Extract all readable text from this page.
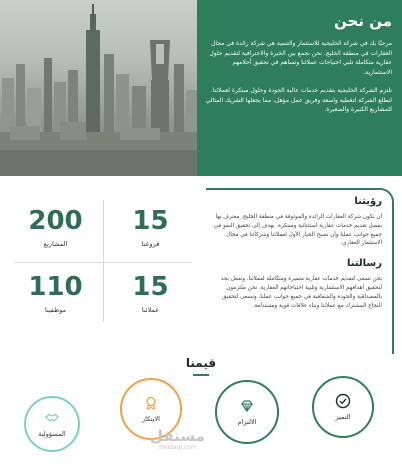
من نحن

مرحبًا بك في شركة الخليجية للاستثمار والتنمية هي شركة رائدة في مجال العقارات في منطقة الخليج. نحن نجمع بين الخبرة والاحترافية لتقديم حلول عقارية متكاملة تلبي احتياجات عملائنا وتساهم في تحقيق أحلامهم الاستثمارية.

تلتزم الشركة الخليجية بتقديم خدمات عالية الجودة وحلول مبتكرة لعملائنا. لتطلع الشركة لتغطية واسعة وفريق عمل مؤهل، مما يجعلها الشريك المثالي للمشاريع الكبيرة والصغيرة.

15
فروعنا
200
المشاريع
15
عملائنا
110
موظفينا
رؤيتنا

أن تكون شركة العقارات الرائدة والموثوقة في منطقة الخليج، معترف بها بفضل تقديم خدمات عقارية استثنائية ومبتكرة. نهدف إلى تحقيق النمو في جميع جوانب عملنا وأن نصبح الخيار الأول لعملائنا وشركائنا في مجال الاستثمار العقاري.

رسالتنا

نحن نسعى لتقديم خدمات عقارية متميزة ومتكاملة لعملائنا، ونعمل بجد لتحقيق أهدافهم الاستثمارية وتلبية احتياجاتهم العقارية. نحن ملتزمون بالمصداقية والجودة والشفافية في جميع جوانب عملنا، ونسعى لتحقيق النجاح المشترك مع عملائنا وبناء علاقات قوية ومستدامة.

قيمنا
التميز
الالتزام
الابتكار
المسؤولية	مستقل
mostaql.com
